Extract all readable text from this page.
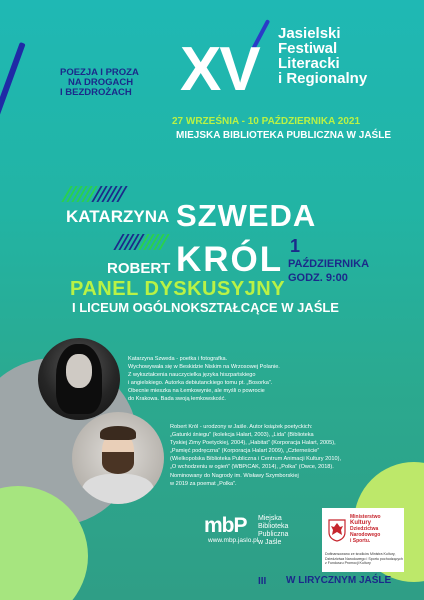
POEZJA I PROZA
NA DROGACH
I BEZDROŻACH XV
Jasielski
Festiwal
Literacki
i Regionalny
27 WRZEŚNIA - 10 PAŹDZIERNIKA 2021
MIEJSKA BIBLIOTEKA PUBLICZNA W JAŚLE
KATARZYNA SZWEDA
ROBERT KRÓL 1
PAŹDZIERNIKA
GODZ. 9:00
PANEL DYSKUSYJNY
I LICEUM OGÓLNOKSZTAŁCĄCE W JAŚLE
Katarzyna Szweda - poetka i fotografka.
Wychowywała się w Beskidzie Niskim na Wrzosowej Polanie.
Z wykształcenia nauczycielka języka hiszpańskiego
i angielskiego. Autorka debiutanckiego tomu pt. „Bosorka”.
Obecnie mieszka na Łemkowynie, ale myśli o powrocie
do Krakowa. Bada swoją łemkowskość.
Robert Król - urodzony w Jaśle. Autor książek poetyckich:
„Gatunki śniegu” (kolekcja Hałart, 2003), „Lida” (Biblioteka
Tyskiej Zimy Poetyckiej, 2004), „Habitat” (Korporacja Halart, 2005),
„Pamięć podręczna” (Korporacja Halart 2009), „Czterneście”
(Wielkopolska Biblioteka Publiczna i Centrum Animacji Kultury 2010),
„O wchodzeniu w ogień” (WBPiCAK, 2014), „Polka” (Owce, 2018).
Nominowany do Nagrody im. Wisławy Szymborskiej
w 2019 za poemat „Polka”.
mbP
www.mbp.jaslo.pl
Miejska
Biblioteka
Publiczna
w Jaśle
Ministerstwo
Kultury
Dziedzictwa Narodowego
i Sportu.
Dofinansowano ze środków Ministra Kultury, Dziedzictwa Narodowego i Sportu pochodzących z Funduszu Promocji Kultury
III W LIRYCZNYM JAŚLE
